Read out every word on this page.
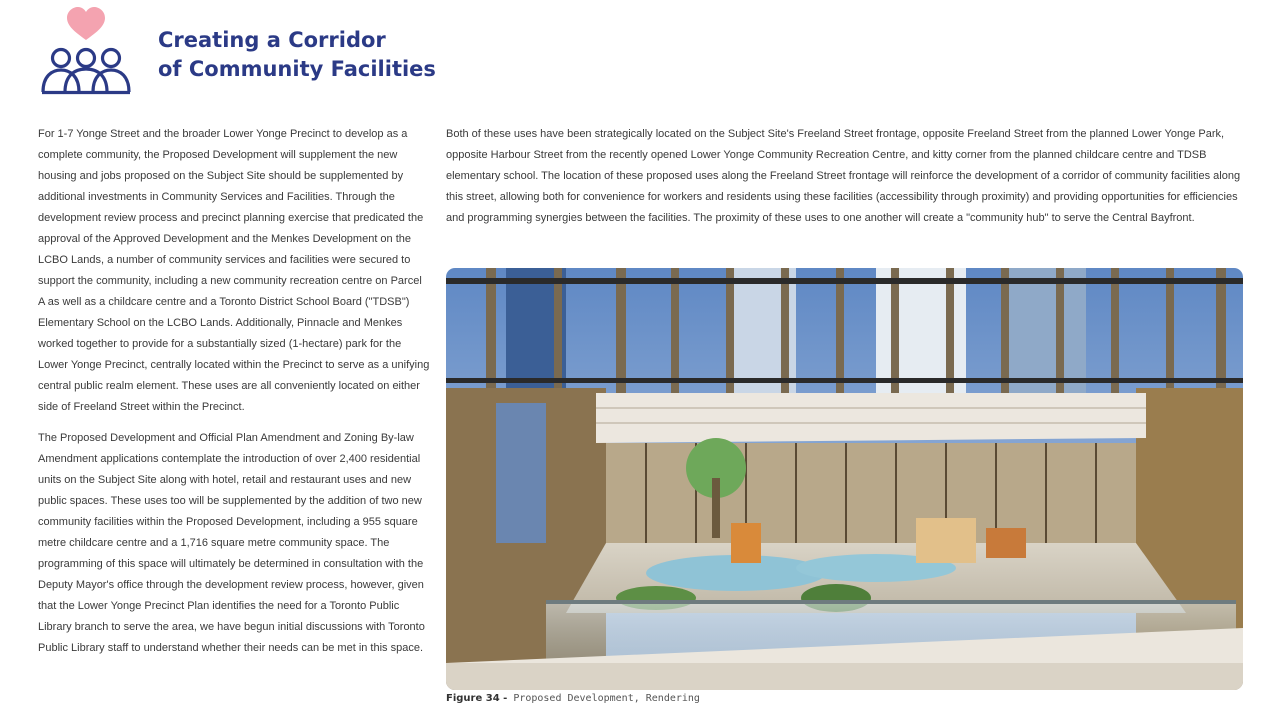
Creating a Corridor
of Community Facilities

For 1-7 Yonge Street and the broader Lower Yonge Precinct to develop as a complete community, the Proposed Development will supplement the new housing and jobs proposed on the Subject Site should be supplemented by additional investments in Community Services and Facilities. Through the development review process and precinct planning exercise that predicated the approval of the Approved Development and the Menkes Development on the LCBO Lands, a number of community services and facilities were secured to support the community, including a new community recreation centre on Parcel A as well as a childcare centre and a Toronto District School Board ("TDSB") Elementary School on the LCBO Lands. Additionally, Pinnacle and Menkes worked together to provide for a substantially sized (1-hectare) park for the Lower Yonge Precinct, centrally located within the Precinct to serve as a unifying central public realm element. These uses are all conveniently located on either side of Freeland Street within the Precinct.

The Proposed Development and Official Plan Amendment and Zoning By-law Amendment applications contemplate the introduction of over 2,400 residential units on the Subject Site along with hotel, retail and restaurant uses and new public spaces. These uses too will be supplemented by the addition of two new community facilities within the Proposed Development, including a 955 square metre childcare centre and a 1,716 square metre community space. The programming of this space will ultimately be determined in consultation with the Deputy Mayor's office through the development review process, however, given that the Lower Yonge Precinct Plan identifies the need for a Toronto Public Library branch to serve the area, we have begun initial discussions with Toronto Public Library staff to understand whether their needs can be met in this space.

Both of these uses have been strategically located on the Subject Site's Freeland Street frontage, opposite Freeland Street from the planned Lower Yonge Park, opposite Harbour Street from the recently opened Lower Yonge Community Recreation Centre, and kitty corner from the planned childcare centre and TDSB elementary school. The location of these proposed uses along the Freeland Street frontage will reinforce the development of a corridor of community facilities along this street, allowing both for convenience for workers and residents using these facilities (accessibility through proximity) and providing opportunities for efficiencies and programming synergies between the facilities. The proximity of these uses to one another will create a "community hub" to serve the Central Bayfront.

Figure 34 - Proposed Development, Rendering
